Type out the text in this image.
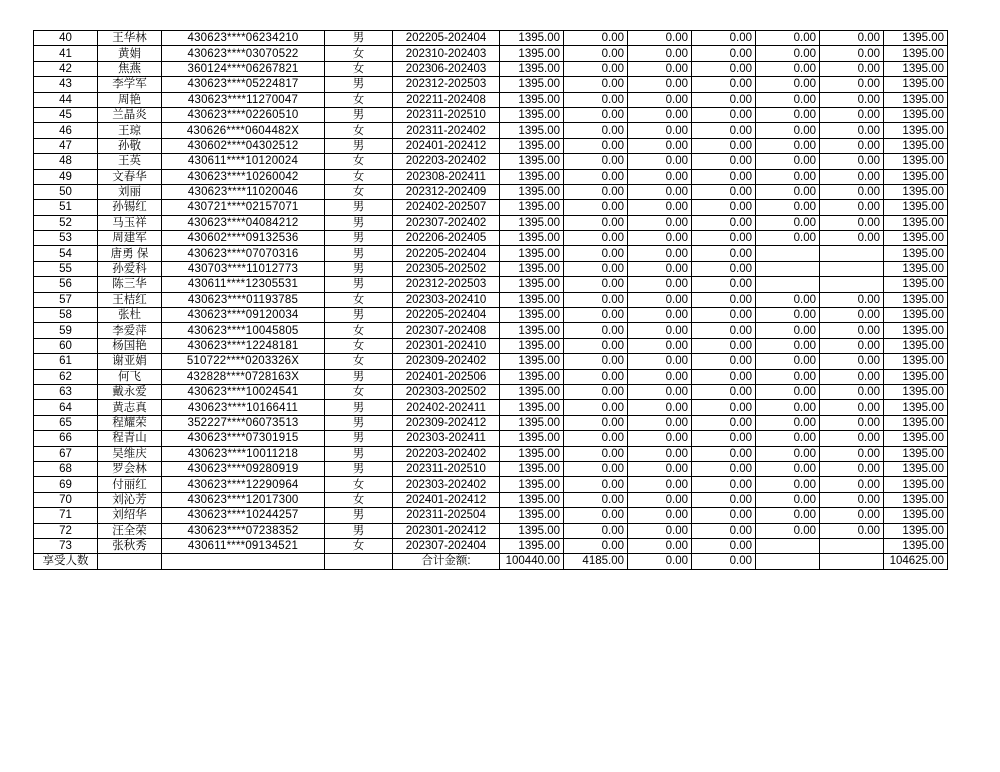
40	王华林	430623****06234210	男	202205-202404	1395.00	0.00	0.00	0.00	0.00	0.00	1395.00
41	黄娟	430623****03070522	女	202310-202403	1395.00	0.00	0.00	0.00	0.00	0.00	1395.00
42	焦燕	360124****06267821	女	202306-202403	1395.00	0.00	0.00	0.00	0.00	0.00	1395.00
43	李学军	430623****05224817	男	202312-202503	1395.00	0.00	0.00	0.00	0.00	0.00	1395.00
44	周艳	430623****11270047	女	202211-202408	1395.00	0.00	0.00	0.00	0.00	0.00	1395.00
45	兰晶炎	430623****02260510	男	202311-202510	1395.00	0.00	0.00	0.00	0.00	0.00	1395.00
46	王琼	430626****0604482X	女	202311-202402	1395.00	0.00	0.00	0.00	0.00	0.00	1395.00
47	孙敬	430602****04302512	男	202401-202412	1395.00	0.00	0.00	0.00	0.00	0.00	1395.00
48	王英	430611****10120024	女	202203-202402	1395.00	0.00	0.00	0.00	0.00	0.00	1395.00
49	文春华	430623****10260042	女	202308-202411	1395.00	0.00	0.00	0.00	0.00	0.00	1395.00
50	刘丽	430623****11020046	女	202312-202409	1395.00	0.00	0.00	0.00	0.00	0.00	1395.00
51	孙锡红	430721****02157071	男	202402-202507	1395.00	0.00	0.00	0.00	0.00	0.00	1395.00
52	马玉祥	430623****04084212	男	202307-202402	1395.00	0.00	0.00	0.00	0.00	0.00	1395.00
53	周建军	430602****09132536	男	202206-202405	1395.00	0.00	0.00	0.00	0.00	0.00	1395.00
54	唐勇 保	430623****07070316	男	202205-202404	1395.00	0.00	0.00	0.00			1395.00
55	孙爱科	430703****11012773	男	202305-202502	1395.00	0.00	0.00	0.00			1395.00
56	陈三华	430611****12305531	男	202312-202503	1395.00	0.00	0.00	0.00			1395.00
57	王桔红	430623****01193785	女	202303-202410	1395.00	0.00	0.00	0.00	0.00	0.00	1395.00
58	张杜	430623****09120034	男	202205-202404	1395.00	0.00	0.00	0.00	0.00	0.00	1395.00
59	李爱萍	430623****10045805	女	202307-202408	1395.00	0.00	0.00	0.00	0.00	0.00	1395.00
60	杨国艳	430623****12248181	女	202301-202410	1395.00	0.00	0.00	0.00	0.00	0.00	1395.00
61	谢亚娟	510722****0203326X	女	202309-202402	1395.00	0.00	0.00	0.00	0.00	0.00	1395.00
62	何飞	432828****0728163X	男	202401-202506	1395.00	0.00	0.00	0.00	0.00	0.00	1395.00
63	戴永爱	430623****10024541	女	202303-202502	1395.00	0.00	0.00	0.00	0.00	0.00	1395.00
64	黄志真	430623****10166411	男	202402-202411	1395.00	0.00	0.00	0.00	0.00	0.00	1395.00
65	程耀荣	352227****06073513	男	202309-202412	1395.00	0.00	0.00	0.00	0.00	0.00	1395.00
66	程青山	430623****07301915	男	202303-202411	1395.00	0.00	0.00	0.00	0.00	0.00	1395.00
67	吴维庆	430623****10011218	男	202203-202402	1395.00	0.00	0.00	0.00	0.00	0.00	1395.00
68	罗会林	430623****09280919	男	202311-202510	1395.00	0.00	0.00	0.00	0.00	0.00	1395.00
69	付丽红	430623****12290964	女	202303-202402	1395.00	0.00	0.00	0.00	0.00	0.00	1395.00
70	刘沁芳	430623****12017300	女	202401-202412	1395.00	0.00	0.00	0.00	0.00	0.00	1395.00
71	刘绍华	430623****10244257	男	202311-202504	1395.00	0.00	0.00	0.00	0.00	0.00	1395.00
72	汪全荣	430623****07238352	男	202301-202412	1395.00	0.00	0.00	0.00	0.00	0.00	1395.00
73	张秋秀	430611****09134521	女	202307-202404	1395.00	0.00	0.00	0.00			1395.00
享受人数				合计金额:	100440.00	4185.00	0.00	0.00			104625.00
